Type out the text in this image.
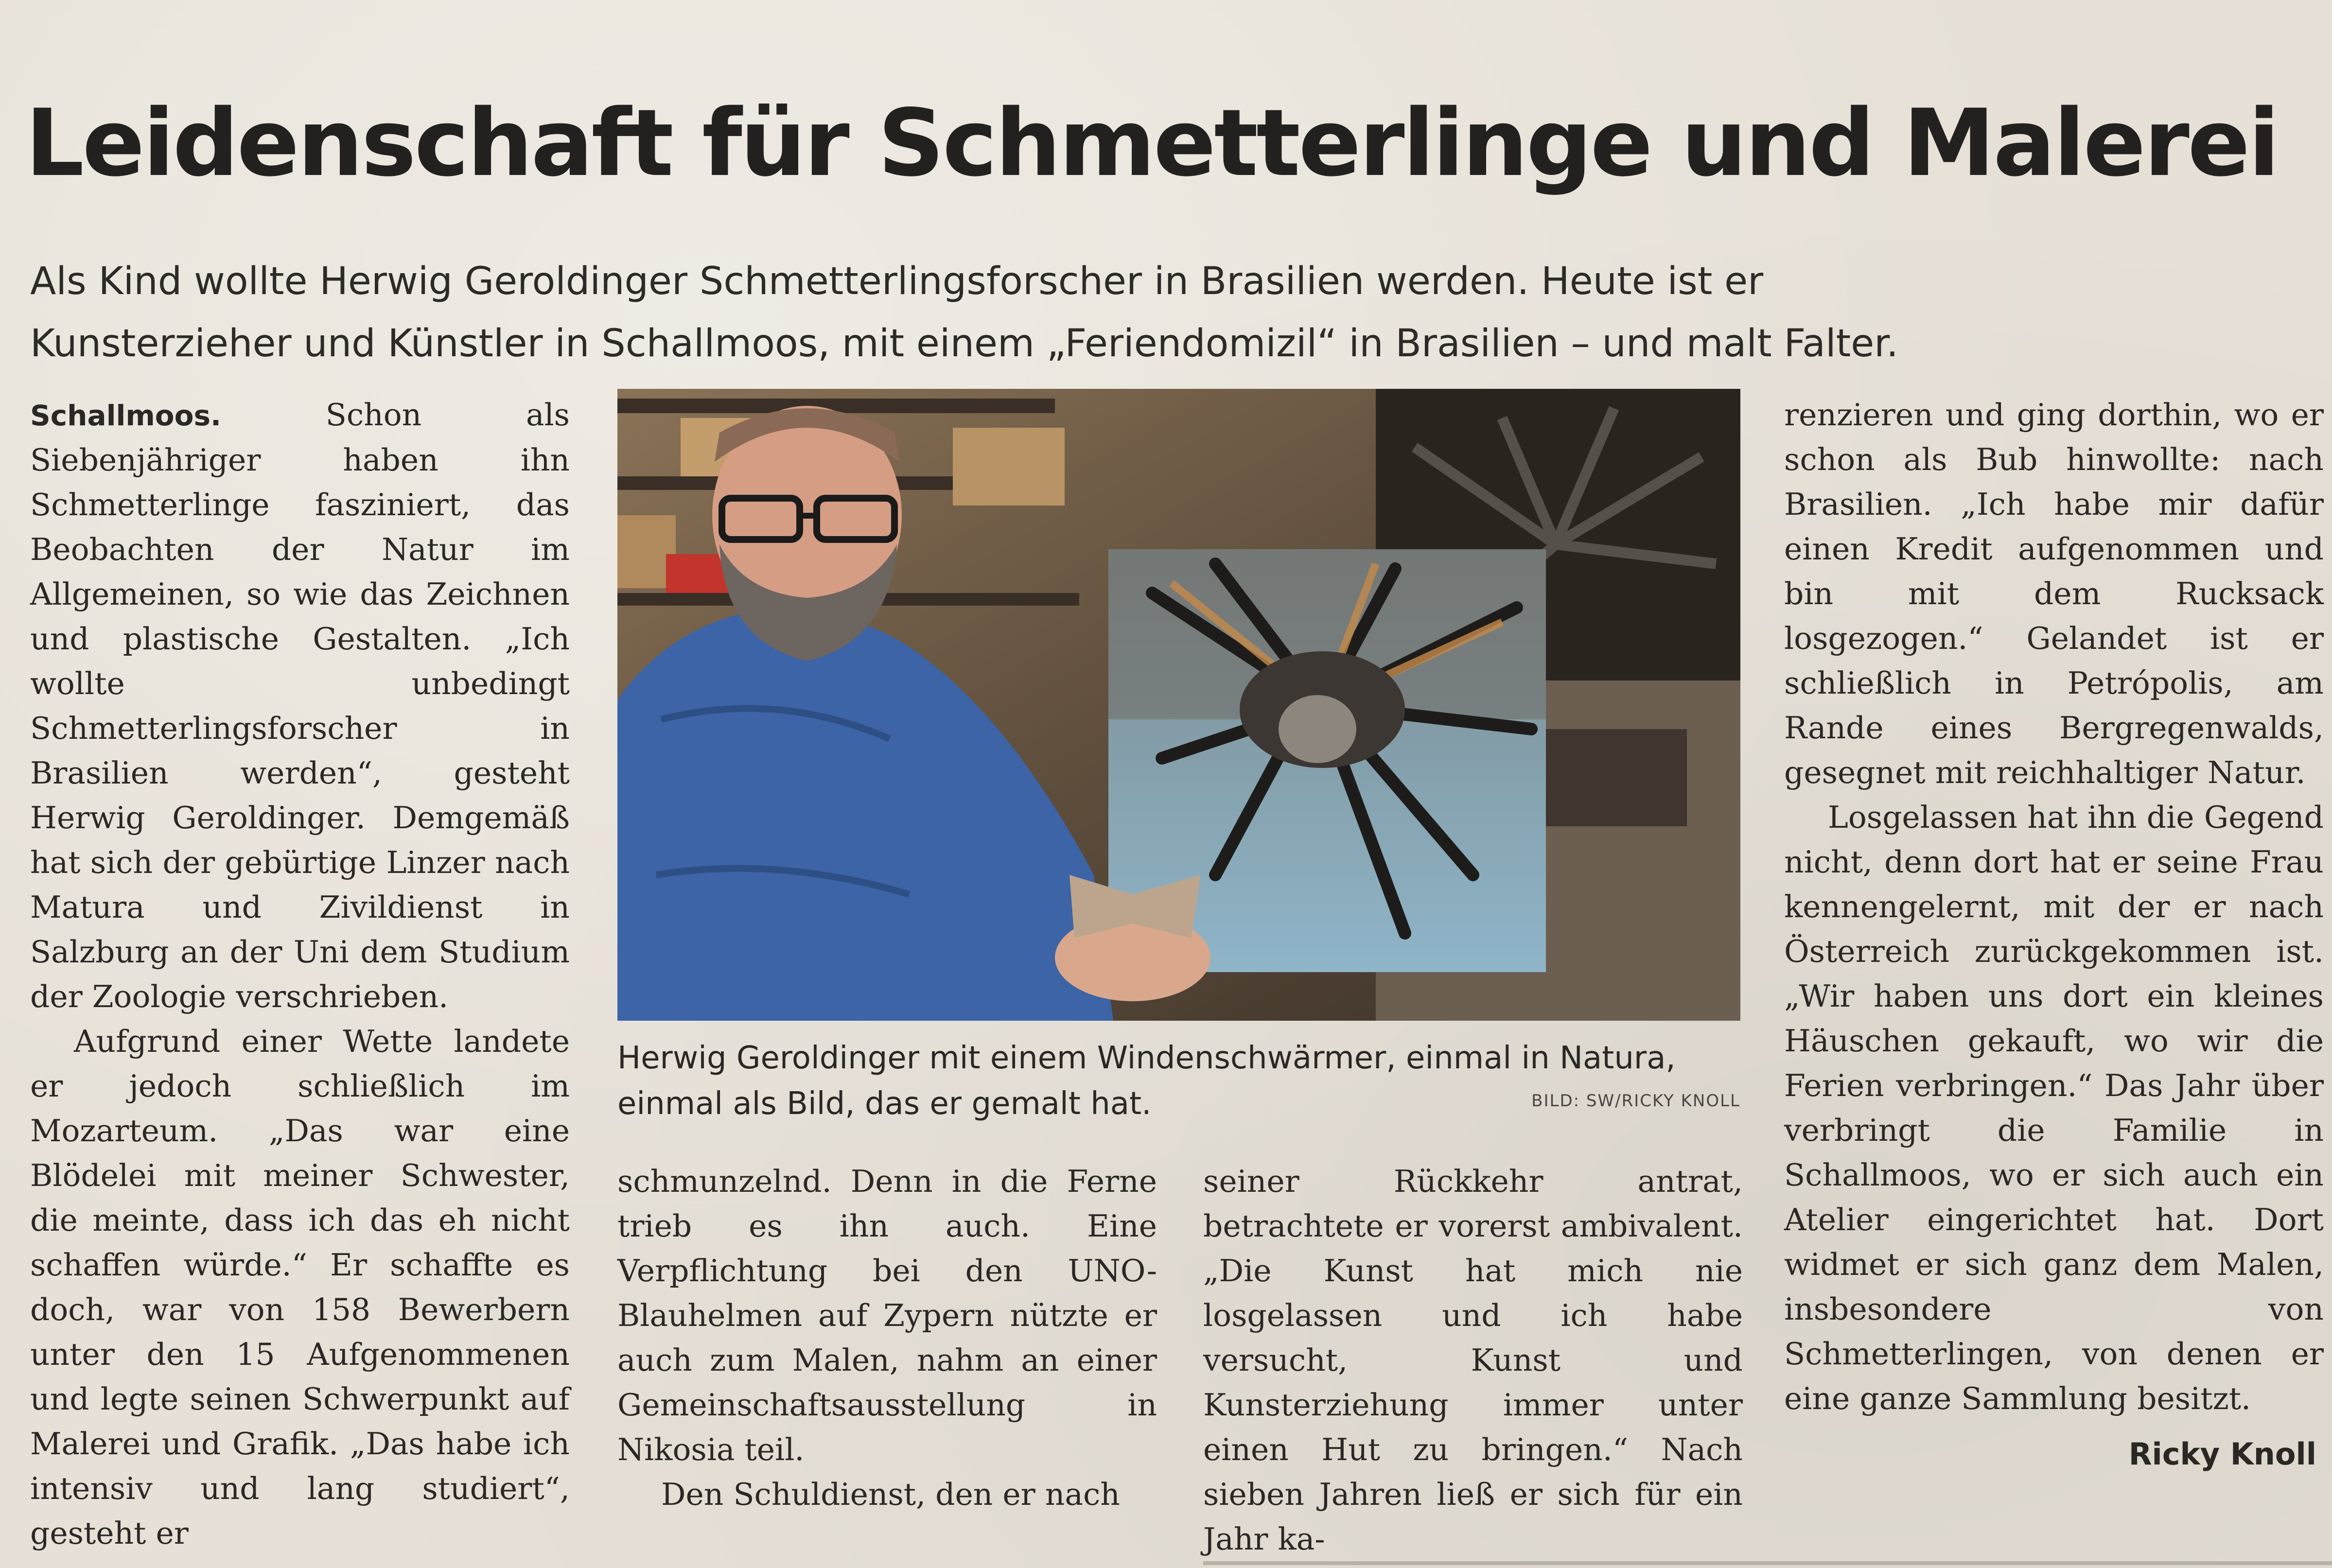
Leidenschaft für Schmetterlinge und Malerei

Als Kind wollte Herwig Geroldinger Schmetterlingsforscher in Brasilien werden. Heute ist er

Kunsterzieher und Künstler in Schallmoos, mit einem „Feriendomizil“ in Brasilien – und malt Falter.

Schallmoos.	Schon als Siebenjähriger haben ihn Schmetterlinge fasziniert, das Beobachten der Natur im Allgemeinen, so wie das Zeichnen und plastische Gestalten. „Ich wollte unbedingt Schmetterlingsforscher in Brasilien werden“, gesteht Herwig Geroldinger. Demgemäß hat sich der gebürtige Linzer nach Matura und Zivildienst in Salzburg an der Uni dem Studium der Zoologie verschrieben.

Aufgrund einer Wette landete er jedoch schließlich im Mozarteum. „Das war eine Blödelei mit meiner Schwester, die meinte, dass ich das eh nicht schaffen würde.“ Er schaffte es doch, war von 158 Bewerbern unter den 15 Aufgenommenen und legte seinen Schwerpunkt auf Malerei und Grafik. „Das habe ich intensiv und lang studiert“, gesteht er

Herwig Geroldinger mit einem Windenschwärmer, einmal in Natura,

einmal als Bild, das er gemalt hat.	BILD: SW/RICKY KNOLL

schmunzelnd. Denn in die Ferne trieb es ihn auch. Eine Verpflichtung bei den UNO-Blauhelmen auf Zypern nützte er auch zum Malen, nahm an einer Gemeinschaftsausstellung in Nikosia teil.

Den Schuldienst, den er nach

seiner Rückkehr antrat, betrachtete er vorerst ambivalent. „Die Kunst hat mich nie losgelassen und ich habe versucht, Kunst und Kunsterziehung immer unter einen Hut zu bringen.“ Nach sieben Jahren ließ er sich für ein Jahr ka-

renzieren und ging dorthin, wo er schon als Bub hinwollte: nach Brasilien. „Ich habe mir dafür einen Kredit aufgenommen und bin mit dem Rucksack losgezogen.“ Gelandet ist er schließlich in Petrópolis, am Rande eines Bergregenwalds, gesegnet mit reichhaltiger Natur.

Losgelassen hat ihn die Gegend nicht, denn dort hat er seine Frau kennengelernt, mit der er nach Österreich zurückgekommen ist. „Wir haben uns dort ein kleines Häuschen gekauft, wo wir die Ferien verbringen.“ Das Jahr über verbringt die Familie in Schallmoos, wo er sich auch ein Atelier eingerichtet hat. Dort widmet er sich ganz dem Malen, insbesondere von Schmetterlingen, von denen er eine ganze Sammlung besitzt.

Ricky Knoll
